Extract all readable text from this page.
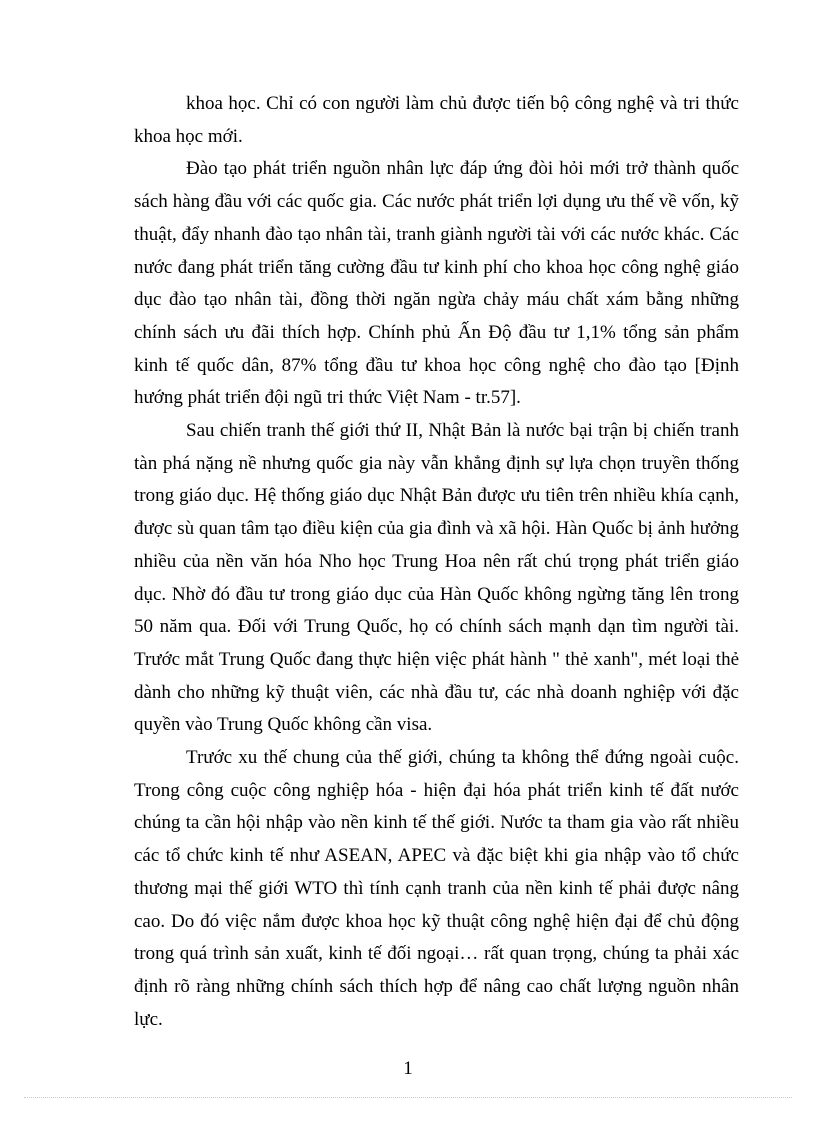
khoa học. Chỉ có con người làm chủ được tiến bộ công nghệ và tri thức khoa học mới.

Đào tạo phát triển nguồn nhân lực đáp ứng đòi hỏi mới trở thành quốc sách hàng đầu với các quốc gia. Các nước phát triển lợi dụng ưu thế về vốn, kỹ thuật, đẩy nhanh đào tạo nhân tài, tranh giành người tài với các nước khác. Các nước đang phát triển tăng cường đầu tư kinh phí cho khoa học công nghệ giáo dục đào tạo nhân tài, đồng thời ngăn ngừa chảy máu chất xám bằng những chính sách ưu đãi thích hợp. Chính phủ Ấn Độ đầu tư 1,1% tổng sản phẩm kinh tế quốc dân, 87% tổng đầu tư khoa học công nghệ cho đào tạo [Định hướng phát triển đội ngũ tri thức Việt Nam - tr.57].

Sau chiến tranh thế giới thứ II, Nhật Bản là nước bại trận bị chiến tranh tàn phá nặng nề nhưng quốc gia này vẫn khẳng định sự lựa chọn truyền thống trong giáo dục. Hệ thống giáo dục Nhật Bản được ưu tiên trên nhiều khía cạnh, được sù quan tâm tạo điều kiện của gia đình và xã hội. Hàn Quốc bị ảnh hưởng nhiều của nền văn hóa Nho học Trung Hoa nên rất chú trọng phát triển giáo dục. Nhờ đó đầu tư trong giáo dục của Hàn Quốc không ngừng tăng lên trong 50 năm qua. Đối với Trung Quốc, họ có chính sách mạnh dạn tìm người tài. Trước mắt Trung Quốc đang thực hiện việc phát hành " thẻ xanh", mét loại thẻ dành cho những kỹ thuật viên, các nhà đầu tư, các nhà doanh nghiệp với đặc quyền vào Trung Quốc không cần visa.

Trước xu thế chung của thế giới, chúng ta không thể đứng ngoài cuộc. Trong công cuộc công nghiệp hóa - hiện đại hóa phát triển kinh tế đất nước chúng ta cần hội nhập vào nền kinh tế thế giới. Nước ta tham gia vào rất nhiều các tổ chức kinh tế như ASEAN, APEC và đặc biệt khi gia nhập vào tổ chức thương mại thế giới WTO thì tính cạnh tranh của nền kinh tế phải được nâng cao. Do đó việc nắm được khoa học kỹ thuật công nghệ hiện đại để chủ động trong quá trình sản xuất, kinh tế đối ngoại… rất quan trọng, chúng ta phải xác định rõ ràng những chính sách thích hợp để nâng cao chất lượng nguồn nhân lực.

1
